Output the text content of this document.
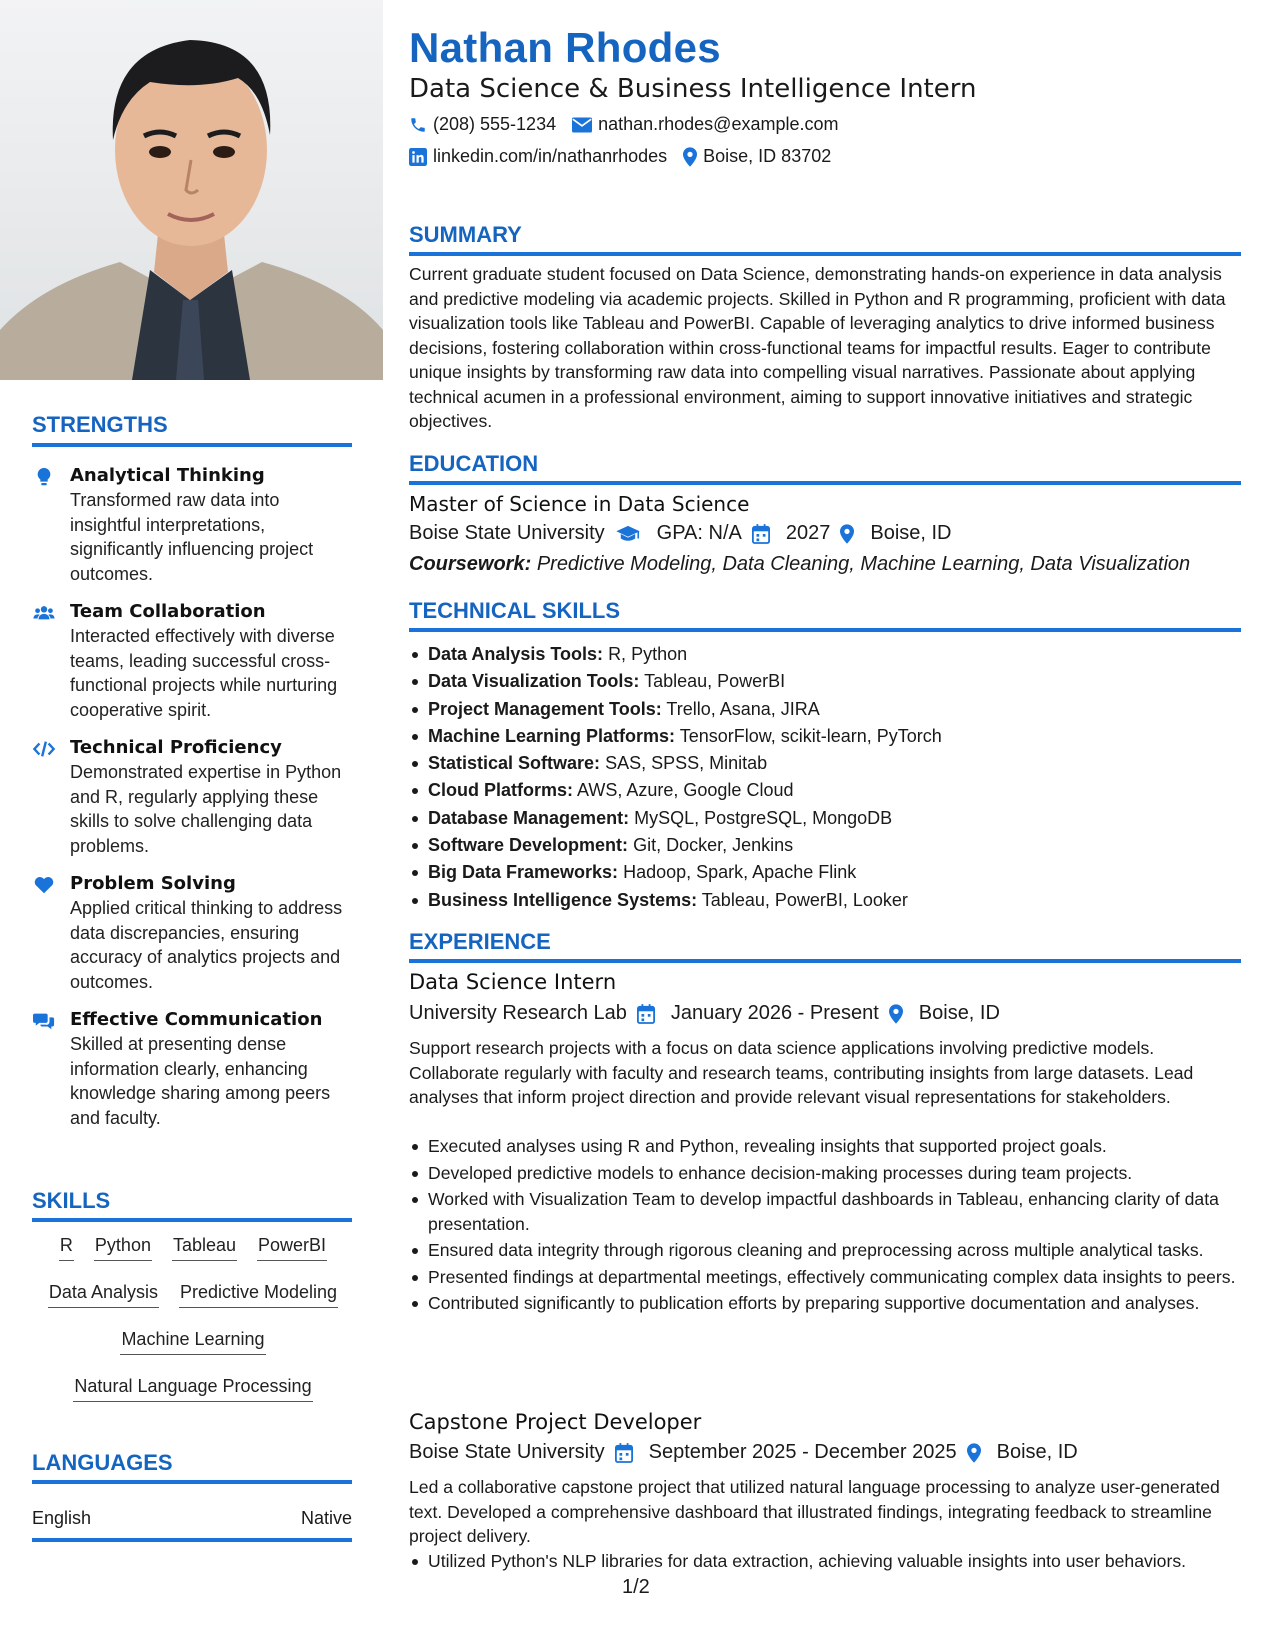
STRENGTHS
Analytical Thinking
Transformed raw data into insightful interpretations, significantly influencing project outcomes.
Team Collaboration
Interacted effectively with diverse teams, leading successful cross-functional projects while nurturing cooperative spirit.
Technical Proficiency
Demonstrated expertise in Python and R, regularly applying these skills to solve challenging data problems.
Problem Solving
Applied critical thinking to address data discrepancies, ensuring accuracy of analytics projects and outcomes.
Effective Communication
Skilled at presenting dense information clearly, enhancing knowledge sharing among peers and faculty.
SKILLS
R Python Tableau PowerBI
Data Analysis Predictive Modeling
Machine Learning
Natural Language Processing
LANGUAGES
English	Native
Nathan Rhodes
Data Science & Business Intelligence Intern
(208) 555-1234 nathan.rhodes@example.com
linkedin.com/in/nathanrhodes Boise, ID 83702
SUMMARY
Current graduate student focused on Data Science, demonstrating hands-on experience in data analysis and predictive modeling via academic projects. Skilled in Python and R programming, proficient with data visualization tools like Tableau and PowerBI. Capable of leveraging analytics to drive informed business decisions, fostering collaboration within cross-functional teams for impactful results. Eager to contribute unique insights by transforming raw data into compelling visual narratives. Passionate about applying technical acumen in a professional environment, aiming to support innovative initiatives and strategic objectives.
EDUCATION
Master of Science in Data Science
Boise State University	GPA: N/A 2027 Boise, ID
Coursework: Predictive Modeling, Data Cleaning, Machine Learning, Data Visualization
TECHNICAL SKILLS
Data Analysis Tools: R, Python
Data Visualization Tools: Tableau, PowerBI
Project Management Tools: Trello, Asana, JIRA
Machine Learning Platforms: TensorFlow, scikit-learn, PyTorch
Statistical Software: SAS, SPSS, Minitab
Cloud Platforms: AWS, Azure, Google Cloud
Database Management: MySQL, PostgreSQL, MongoDB
Software Development: Git, Docker, Jenkins
Big Data Frameworks: Hadoop, Spark, Apache Flink
Business Intelligence Systems: Tableau, PowerBI, Looker
EXPERIENCE
Data Science Intern
University Research Lab January 2026 - Present Boise, ID
Support research projects with a focus on data science applications involving predictive models. Collaborate regularly with faculty and research teams, contributing insights from large datasets. Lead analyses that inform project direction and provide relevant visual representations for stakeholders.
Executed analyses using R and Python, revealing insights that supported project goals.
Developed predictive models to enhance decision-making processes during team projects.
Worked with Visualization Team to develop impactful dashboards in Tableau, enhancing clarity of data presentation.
Ensured data integrity through rigorous cleaning and preprocessing across multiple analytical tasks.
Presented findings at departmental meetings, effectively communicating complex data insights to peers.
Contributed significantly to publication efforts by preparing supportive documentation and analyses.
Capstone Project Developer
Boise State University September 2025 - December 2025 Boise, ID
Led a collaborative capstone project that utilized natural language processing to analyze user-generated text. Developed a comprehensive dashboard that illustrated findings, integrating feedback to streamline project delivery.
Utilized Python's NLP libraries for data extraction, achieving valuable insights into user behaviors.
1/2
